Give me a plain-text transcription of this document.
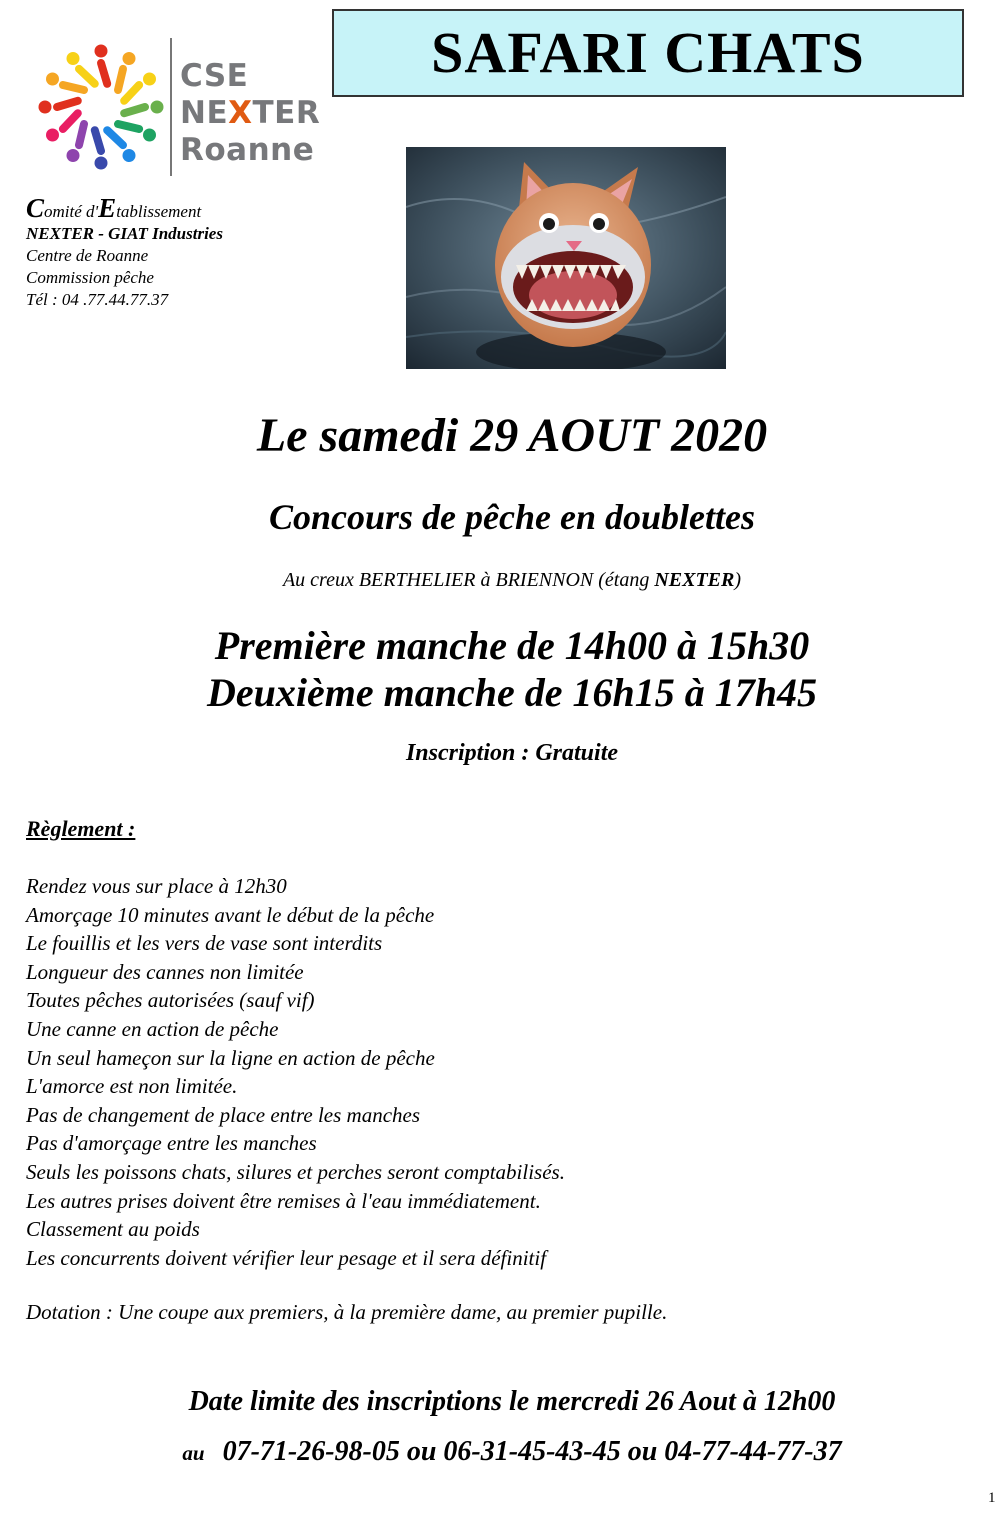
CSE
NEXTER
Roanne
SAFARI CHATS
Comité d'Etablissement
NEXTER - GIAT Industries
Centre de Roanne
Commission pêche
Tél : 04 .77.44.77.37
Le samedi 29 AOUT 2020
Concours de pêche en doublettes
Au creux BERTHELIER à BRIENNON (étang NEXTER)
Première manche de 14h00 à 15h30
Deuxième manche de 16h15 à 17h45
Inscription : Gratuite
Règlement :
Rendez vous sur place à 12h30
Amorçage 10 minutes avant le début de la pêche
Le fouillis et les vers de vase sont interdits
Longueur des cannes non limitée
Toutes pêches autorisées (sauf vif)
Une canne en action de pêche
Un seul hameçon sur la ligne en action de pêche
L'amorce est non limitée.
Pas de changement de place entre les manches
Pas d'amorçage entre les manches
Seuls les poissons chats, silures et perches seront comptabilisés.
Les autres prises doivent être remises à l'eau immédiatement.
Classement au poids
Les concurrents doivent vérifier leur pesage et il sera définitif
Dotation : Une coupe aux premiers, à la première dame, au premier pupille.
Date limite des inscriptions le mercredi 26 Aout à 12h00
au 07-71-26-98-05 ou 06-31-45-43-45 ou 04-77-44-77-37
1
